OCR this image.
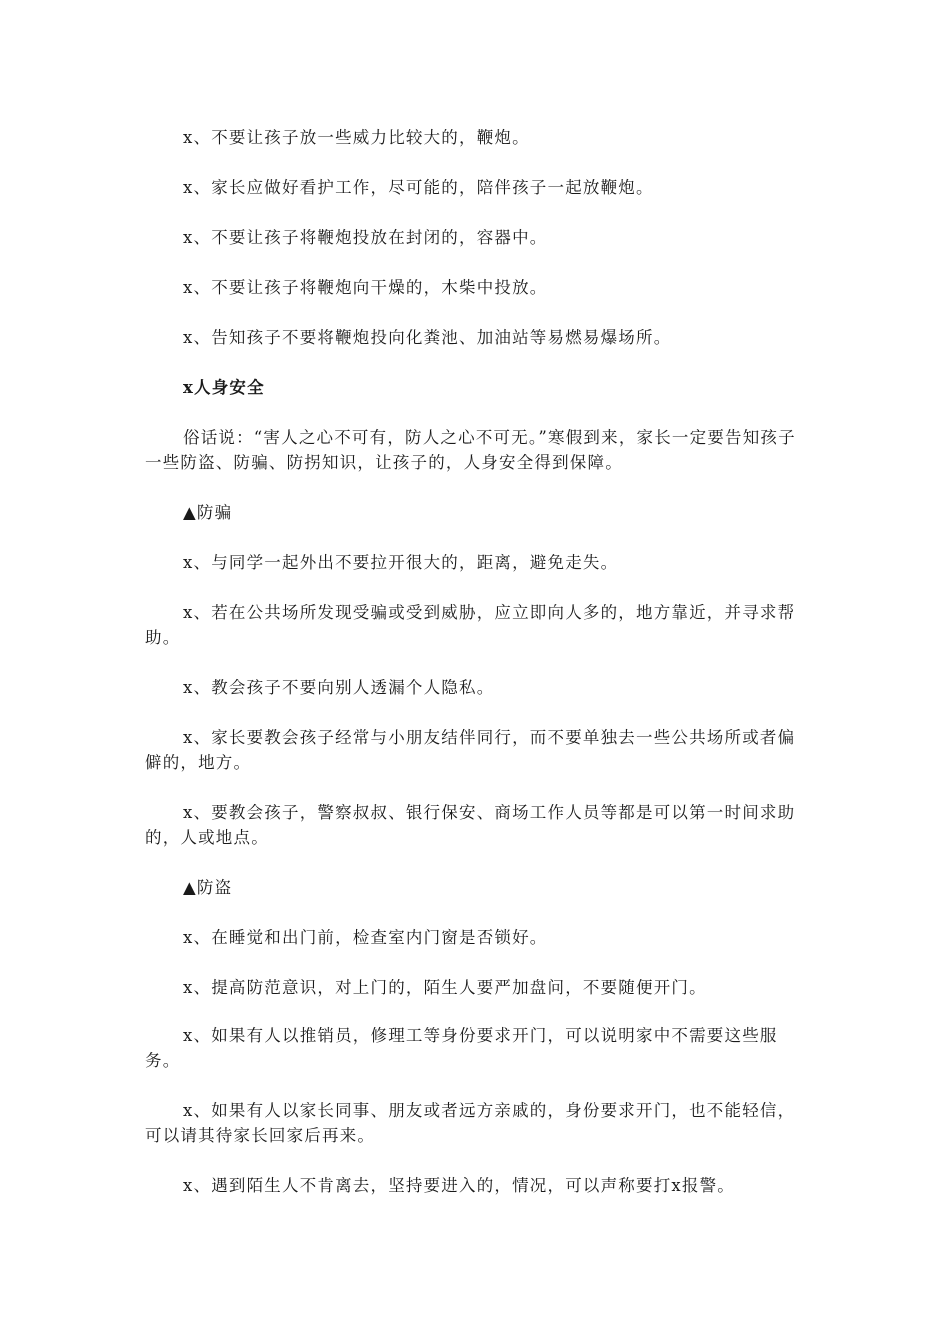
x、不要让孩子放一些威力比较大的，鞭炮。

x、家长应做好看护工作，尽可能的，陪伴孩子一起放鞭炮。

x、不要让孩子将鞭炮投放在封闭的，容器中。

x、不要让孩子将鞭炮向干燥的，木柴中投放。

x、告知孩子不要将鞭炮投向化粪池、加油站等易燃易爆场所。

x人身安全

俗话说：“害人之心不可有，防人之心不可无。”寒假到来，家长一定要告知孩子一些防盗、防骗、防拐知识，让孩子的，人身安全得到保障。

▲防骗

x、与同学一起外出不要拉开很大的，距离，避免走失。

x、若在公共场所发现受骗或受到威胁，应立即向人多的，地方靠近，并寻求帮助。

x、教会孩子不要向别人透漏个人隐私。

x、家长要教会孩子经常与小朋友结伴同行，而不要单独去一些公共场所或者偏僻的，地方。

x、要教会孩子，警察叔叔、银行保安、商场工作人员等都是可以第一时间求助的，人或地点。

▲防盗

x、在睡觉和出门前，检查室内门窗是否锁好。

x、提高防范意识，对上门的，陌生人要严加盘问，不要随便开门。

x、如果有人以推销员，修理工等身份要求开门，可以说明家中不需要这些服务。

x、如果有人以家长同事、朋友或者远方亲戚的，身份要求开门，也不能轻信，可以请其待家长回家后再来。

x、遇到陌生人不肯离去，坚持要进入的，情况，可以声称要打x报警。
